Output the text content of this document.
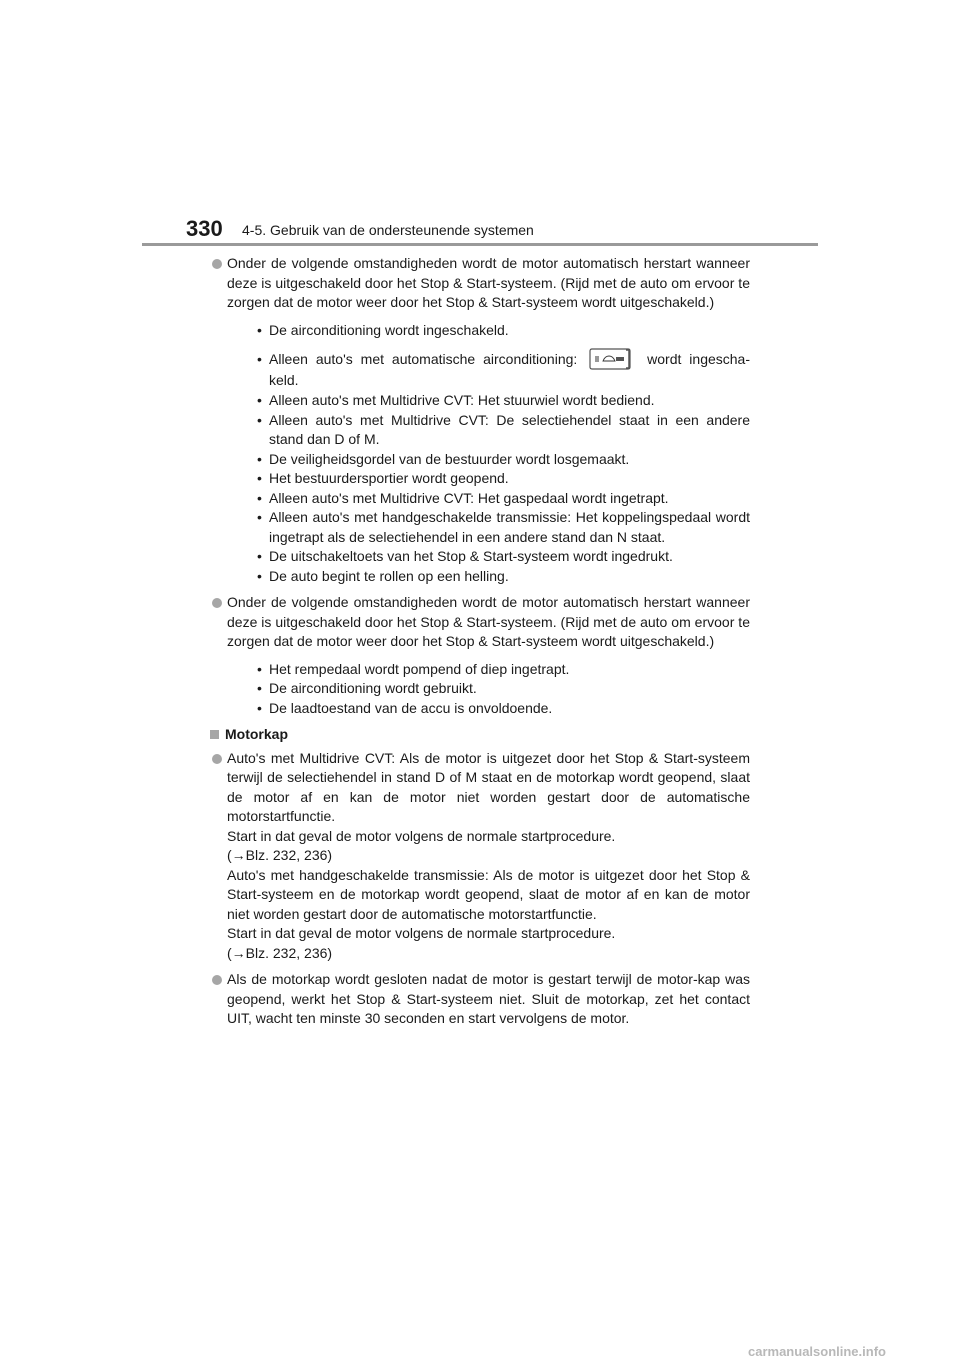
330 4-5. Gebruik van de ondersteunende systemen

Onder de volgende omstandigheden wordt de motor automatisch herstart wanneer deze is uitgeschakeld door het Stop & Start-systeem. (Rijd met de auto om ervoor te zorgen dat de motor weer door het Stop & Start-systeem wordt uitgeschakeld.)

• De airconditioning wordt ingeschakeld.
• Alleen auto's met automatische airconditioning:	wordt ingescha-keld.
• Alleen auto's met Multidrive CVT: Het stuurwiel wordt bediend.
• Alleen auto's met Multidrive CVT: De selectiehendel staat in een andere stand dan D of M.
• De veiligheidsgordel van de bestuurder wordt losgemaakt.
• Het bestuurdersportier wordt geopend.
• Alleen auto's met Multidrive CVT: Het gaspedaal wordt ingetrapt.
• Alleen auto's met handgeschakelde transmissie: Het koppelingspedaal wordt ingetrapt als de selectiehendel in een andere stand dan N staat.
• De uitschakeltoets van het Stop & Start-systeem wordt ingedrukt.
• De auto begint te rollen op een helling.

Onder de volgende omstandigheden wordt de motor automatisch herstart wanneer deze is uitgeschakeld door het Stop & Start-systeem. (Rijd met de auto om ervoor te zorgen dat de motor weer door het Stop & Start-systeem wordt uitgeschakeld.)

• Het rempedaal wordt pompend of diep ingetrapt.
• De airconditioning wordt gebruikt.
• De laadtoestand van de accu is onvoldoende.
Motorkap

Auto's met Multidrive CVT: Als de motor is uitgezet door het Stop & Start-systeem terwijl de selectiehendel in stand D of M staat en de motorkap wordt geopend, slaat de motor af en kan de motor niet worden gestart door de automatische motorstartfunctie.

Start in dat geval de motor volgens de normale startprocedure.

(→Blz. 232, 236)

Auto's met handgeschakelde transmissie: Als de motor is uitgezet door het Stop & Start-systeem en de motorkap wordt geopend, slaat de motor af en kan de motor niet worden gestart door de automatische motorstartfunctie.

Start in dat geval de motor volgens de normale startprocedure.

(→Blz. 232, 236)

Als de motorkap wordt gesloten nadat de motor is gestart terwijl de motor-kap was geopend, werkt het Stop & Start-systeem niet. Sluit de motorkap, zet het contact UIT, wacht ten minste 30 seconden en start vervolgens de motor.

carmanualsonline.info
